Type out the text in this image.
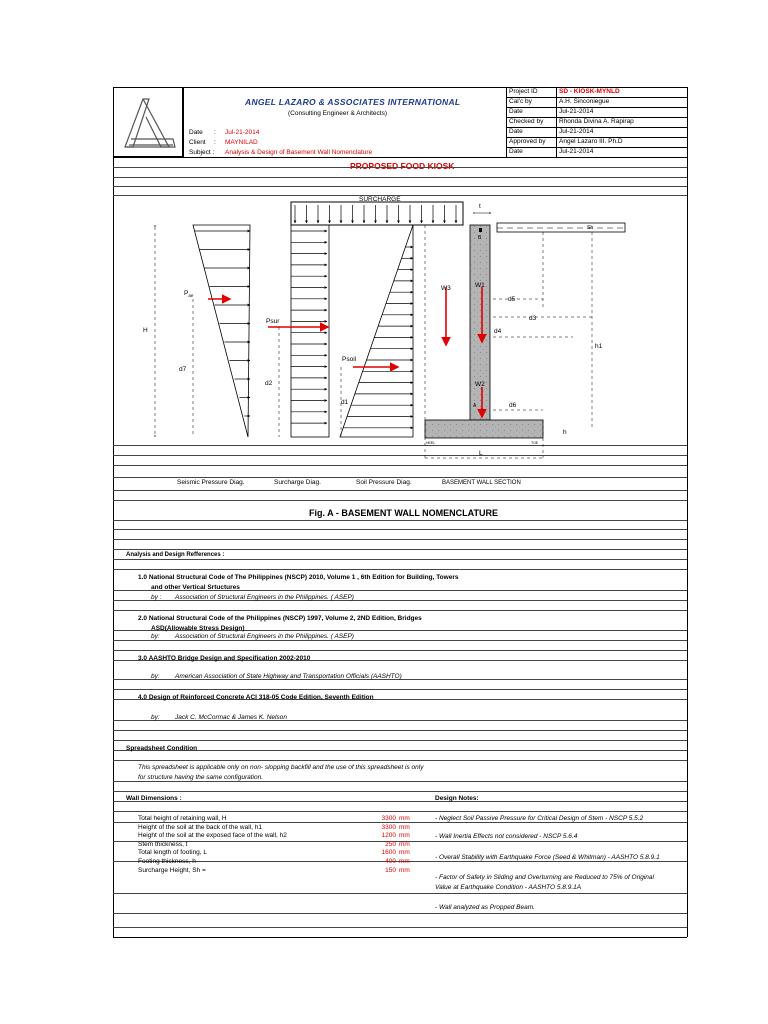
ANGEL LAZARO & ASSOCIATES INTERNATIONAL
(Consulting Engineer & Architects)
Date : Jul-21-2014
Client : MAYNILAD
Subject : Analysis & Design of Basement Wall Nomenclature
Project ID	SD - KIOSK-MYNLD
Cal'c by	A.H. Sinconiegue
Date	Jul-21-2014
Checked by Rhonda Divina A. Rapirap
Date	Jul-21-2014
Approved by Angel Lazaro III. Ph.D
Date	Jul-21-2014
PROPOSED FOOD KIOSK
SURCHARGE
H
$P_{ae}$
Psur
Psoil
d7
d2
d1
W3	W1
W2
d5
d3
d4
h1
d6
h
t
B
A
L
HEEL	TOE
Sh
Seismic Pressure Diag.	Surcharge Diag.	Soil Pressure Diag.	BASEMENT WALL SECTION
Fig. A - BASEMENT WALL NOMENCLATURE
Analysis and Design Refferences :
1.0 National Structural Code of The Philippines (NSCP) 2010, Volume 1 , 6th Edition for Building, Towers
and other Vertical Srtuctures
by : Association of Structural Engineers in the Philippines. ( ASEP)
2.0 National Structural Code of the Philippines (NSCP) 1997, Volume 2, 2ND Edition, Bridges
ASD(Allowable Stress Design)
by: Association of Structural Engineers in the Philippines. ( ASEP)
3.0 AASHTO Bridge Design and Specification 2002-2010
by: American Association of State Highway and Transportation Officials (AASHTO)
4.0 Design of Reinforced Concrete ACI 318-05 Code Edition, Seventh Edition
by: Jack C. McCormac & James K. Nelson
Spreadsheet Condition
This spreadsheet is applicable only on non- slopping backfill and the use of this spreadsheet is only
for structure having the same configuration.
Wall Dimensions :	Design Notes:
Total height of retaining wall, H	3300 mm
Height of the soil at the back of the wall, h1	3300 mm
Height of the soil at the exposed face of the wall, h2	1200 mm
Stem thickness, t	250 mm
Total length of footing, L	1600 mm
Footing thickness, h	400 mm
Surcharge Height, Sh =	150 mm
- Neglect Soil Passive Pressure for Critical Design of Stem - NSCP 5.5.2
- Wall Inertia Effects not considered - NSCP 5.6.4
- Overall Stability with Earthquake Force (Seed & Whitman) - AASHTO 5.8.9.1
- Factor of Safety in Sliding and Overturning are Reduced to 75% of Original
Value at Earthquake Condition - AASHTO 5.8.9.1A
- Wall analyzed as Propped Beam.
